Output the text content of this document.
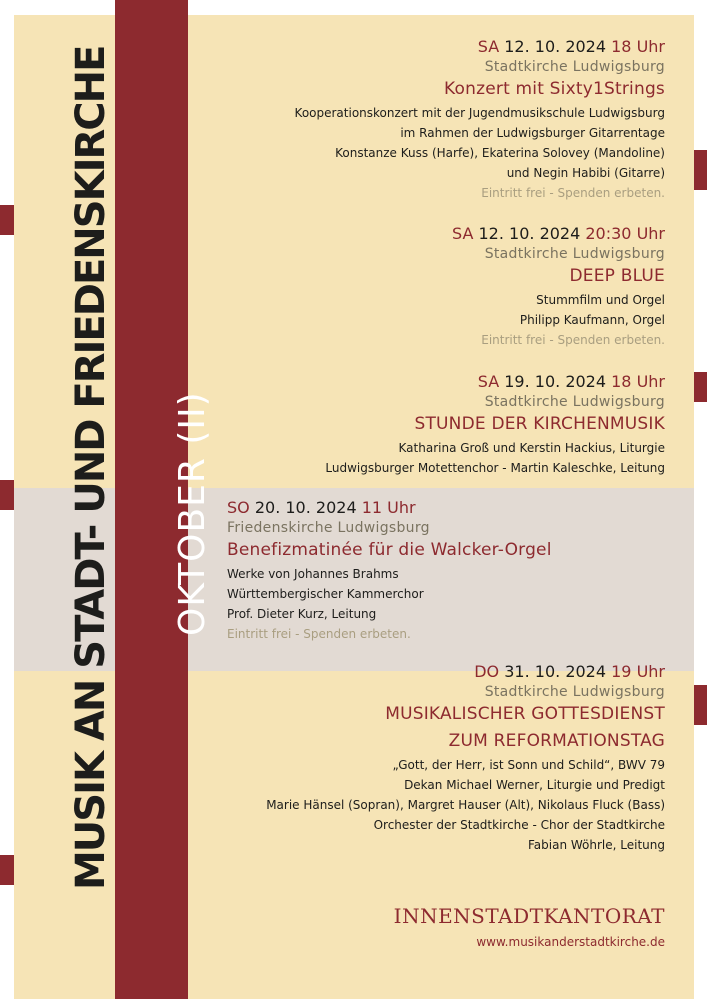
MUSIK AN STADT- UND FRIEDENSKIRCHE OKTOBER (II)
SA 12. 10. 2024 18 Uhr
Stadtkirche Ludwigsburg
Konzert mit Sixty1Strings
Kooperationskonzert mit der Jugendmusikschule Ludwigsburg
im Rahmen der Ludwigsburger Gitarrentage
Konstanze Kuss (Harfe), Ekaterina Solovey (Mandoline)
und Negin Habibi (Gitarre)
Eintritt frei - Spenden erbeten.
SA 12. 10. 2024 20:30 Uhr
Stadtkirche Ludwigsburg
DEEP BLUE
Stummfilm und Orgel
Philipp Kaufmann, Orgel
Eintritt frei - Spenden erbeten.
SA 19. 10. 2024 18 Uhr
Stadtkirche Ludwigsburg
STUNDE DER KIRCHENMUSIK
Katharina Groß und Kerstin Hackius, Liturgie
Ludwigsburger Motettenchor - Martin Kaleschke, Leitung
SO 20. 10. 2024 11 Uhr
Friedenskirche Ludwigsburg
Benefizmatinée für die Walcker-Orgel
Werke von Johannes Brahms
Württembergischer Kammerchor
Prof. Dieter Kurz, Leitung
Eintritt frei - Spenden erbeten.
DO 31. 10. 2024 19 Uhr
Stadtkirche Ludwigsburg
MUSIKALISCHER GOTTESDIENST
ZUM REFORMATIONSTAG
„Gott, der Herr, ist Sonn und Schild“, BWV 79
Dekan Michael Werner, Liturgie und Predigt
Marie Hänsel (Sopran), Margret Hauser (Alt), Nikolaus Fluck (Bass)
Orchester der Stadtkirche - Chor der Stadtkirche
Fabian Wöhrle, Leitung
INNENSTADTKANTORAT
www.musikanderstadtkirche.de
